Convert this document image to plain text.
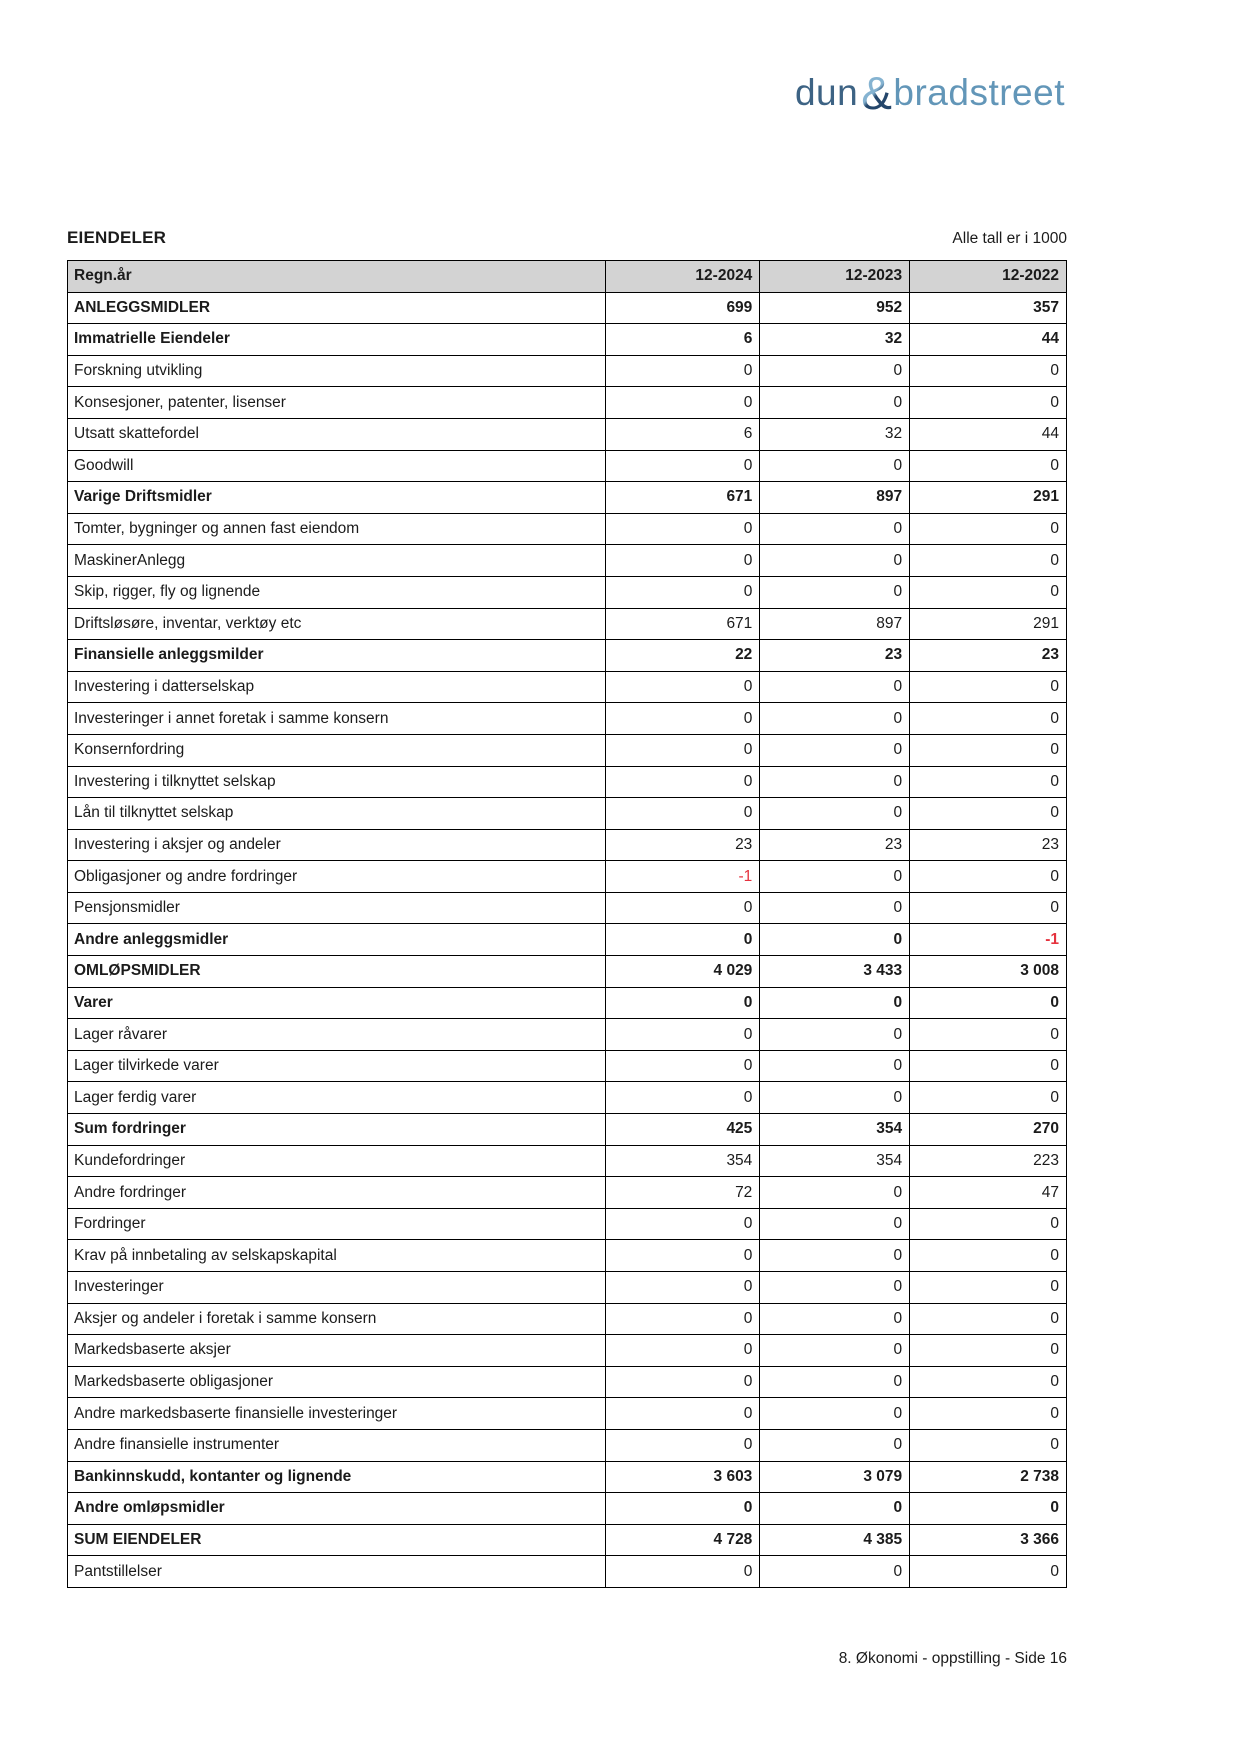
dun & bradstreet
EIENDELER	Alle tall er i 1000
Regn.år	12-2024	12-2023	12-2022
ANLEGGSMIDLER	699	952	357
Immatrielle Eiendeler	6	32	44
Forskning utvikling	0	0	0
Konsesjoner, patenter, lisenser	0	0	0
Utsatt skattefordel	6	32	44
Goodwill	0	0	0
Varige Driftsmidler	671	897	291
Tomter, bygninger og annen fast eiendom	0	0	0
MaskinerAnlegg	0	0	0
Skip, rigger, fly og lignende	0	0	0
Driftsløsøre, inventar, verktøy etc	671	897	291
Finansielle anleggsmilder	22	23	23
Investering i datterselskap	0	0	0
Investeringer i annet foretak i samme konsern	0	0	0
Konsernfordring	0	0	0
Investering i tilknyttet selskap	0	0	0
Lån til tilknyttet selskap	0	0	0
Investering i aksjer og andeler	23	23	23
Obligasjoner og andre fordringer	-1	0	0
Pensjonsmidler	0	0	0
Andre anleggsmidler	0	0	-1
OMLØPSMIDLER	4 029	3 433	3 008
Varer	0	0	0
Lager råvarer	0	0	0
Lager tilvirkede varer	0	0	0
Lager ferdig varer	0	0	0
Sum fordringer	425	354	270
Kundefordringer	354	354	223
Andre fordringer	72	0	47
Fordringer	0	0	0
Krav på innbetaling av selskapskapital	0	0	0
Investeringer	0	0	0
Aksjer og andeler i foretak i samme konsern	0	0	0
Markedsbaserte aksjer	0	0	0
Markedsbaserte obligasjoner	0	0	0
Andre markedsbaserte finansielle investeringer	0	0	0
Andre finansielle instrumenter	0	0	0
Bankinnskudd, kontanter og lignende	3 603	3 079	2 738
Andre omløpsmidler	0	0	0
SUM EIENDELER	4 728	4 385	3 366
Pantstillelser	0	0	0
8. Økonomi - oppstilling - Side 16
